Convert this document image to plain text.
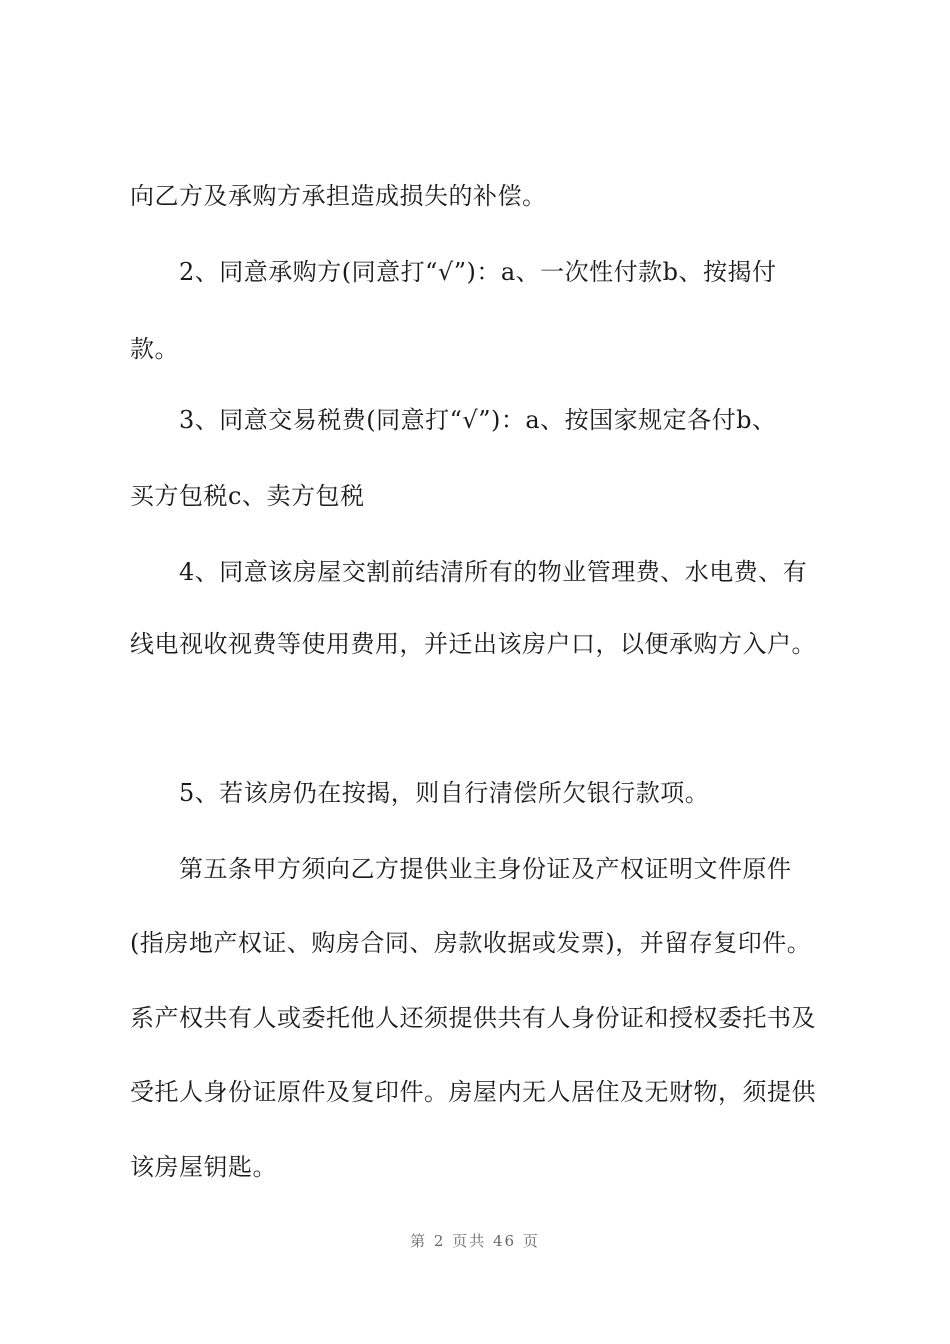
向乙方及承购方承担造成损失的补偿。
2、同意承购方(同意打“√”)：a、一次性付款b、按揭付
款。
3、同意交易税费(同意打“√”)：a、按国家规定各付b、
买方包税c、卖方包税
4、同意该房屋交割前结清所有的物业管理费、水电费、有
线电视收视费等使用费用，并迁出该房户口，以便承购方入户。
5、若该房仍在按揭，则自行清偿所欠银行款项。
第五条甲方须向乙方提供业主身份证及产权证明文件原件
(指房地产权证、购房合同、房款收据或发票)，并留存复印件。
系产权共有人或委托他人还须提供共有人身份证和授权委托书及
受托人身份证原件及复印件。房屋内无人居住及无财物，须提供
该房屋钥匙。
第 2 页共 46 页
